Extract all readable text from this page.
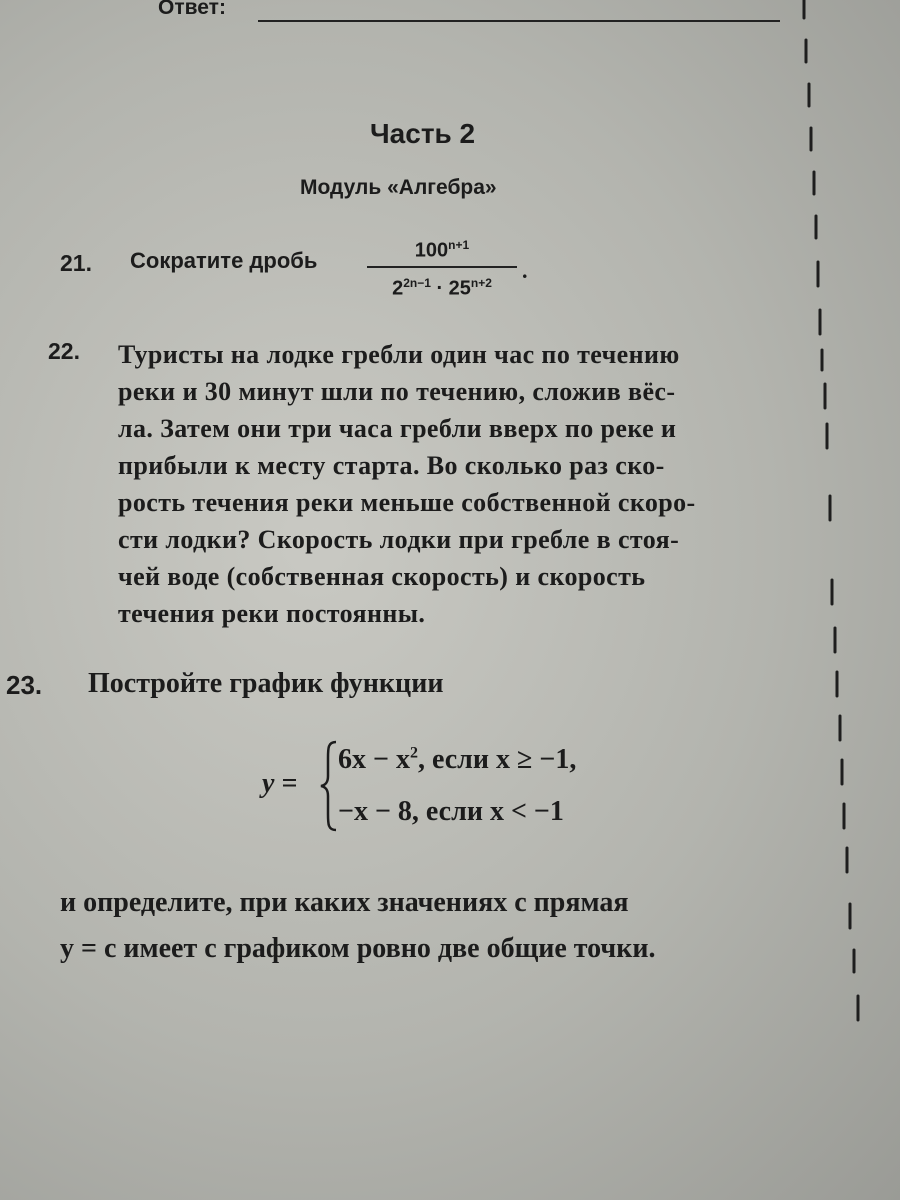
Ответ:
Часть 2
Модуль «Алгебра»
21. Сократите дробь	$100^{n+1}$
$2^{2n-1} \cdot 25^{n+2}$	.
22. Туристы на лодке гребли один час по течению
реки и 30 минут шли по течению, сложив вёс-
ла. Затем они три часа гребли вверх по реке и
прибыли к месту старта. Во сколько раз ско-
рость течения реки меньше собственной скоро-
сти лодки? Скорость лодки при гребле в стоя-
чей воде (собственная скорость) и скорость
течения реки постоянны.
23. Постройте график функции
y =
$6x - x^2$, если x ≥ −1,
−x − 8, если x < −1
и определите, при каких значениях c прямая
y = c имеет с графиком ровно две общие точки.
